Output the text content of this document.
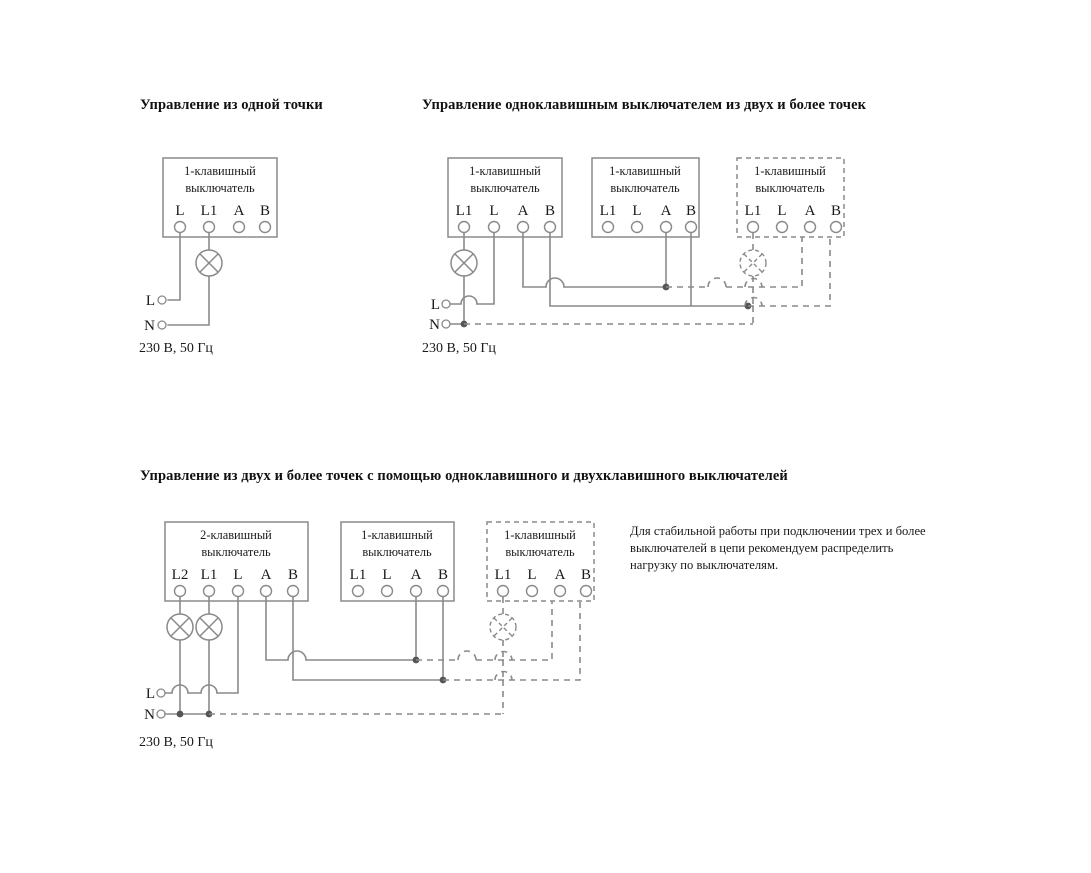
Управление из одной точки	Управление одноклавишным выключателем из двух и более точек
Управление из двух и более точек с помощью одноклавишного и двухклавишного выключателей
230 В, 50 Гц	230 В, 50 Гц
230 В, 50 Гц
Для стабильной работы при подключении трех и более выключателей в цепи рекомендуем распределить нагрузку по выключателям.
1-клавишный
выключатель
L L1 A B
L
N
1-клавишный
выключатель
L1 L A B
1-клавишный
выключатель
L1 L A B
1-клавишный
выключатель
L1 L A B
L
N
2-клавишный
выключатель
L2 L1 L A B
1-клавишный
выключатель
L1 L A B
1-клавишный
выключатель
L1 L A B
L
N
